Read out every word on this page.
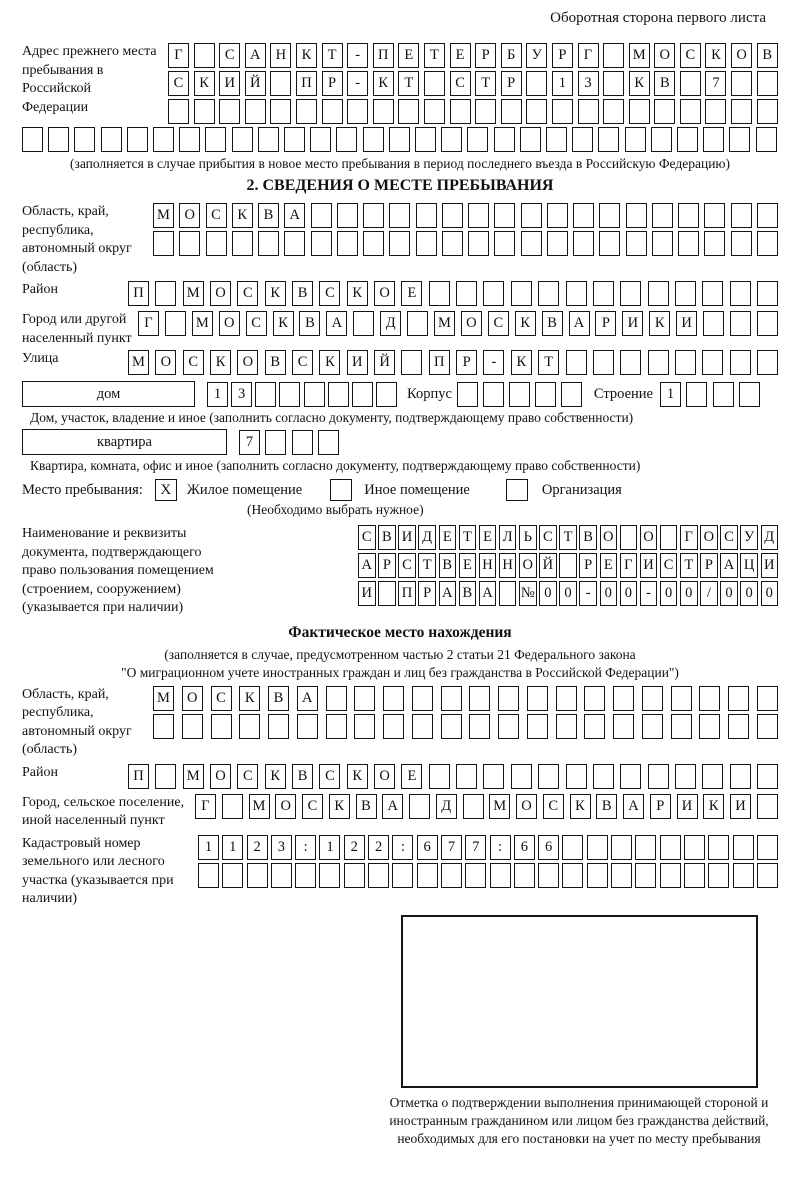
Оборотная сторона первого листа
Адрес прежнего места пребывания в Российской Федерации
Г	С	А	Н	К	Т	-	П	Е	Т	Е	Р	Б	У	Р	Г	М О	С	К	О	В
С	К	И	Й	П	Р	-	К	Т	С	Т	Р	1	3	К	В	7
(заполняется в случае прибытия в новое место пребывания в период последнего въезда в Российскую Федерацию)
2. СВЕДЕНИЯ О МЕСТЕ ПРЕБЫВАНИЯ
Область, край, республика, автономный округ (область)
М	О	С	К	В	А
Район	П	М	О	С	К	В	С	К	О	Е
Город или другой населенный пункт
Г	М	О	С	К	В	А	Д	М	О	С	К	В	А	Р	И	К	И
Улица	М	О	С	К	О	В	С	К	И	Й	П	Р	-	К	Т
дом	1	3	Корпус	Строение 1
Дом, участок, владение и иное (заполнить согласно документу, подтверждающему право собственности)
квартира	7
Квартира, комната, офис и иное (заполнить согласно документу, подтверждающему право собственности)
Место пребывания:	X	Жилое помещение	Иное помещение	Организация
(Необходимо выбрать нужное)
Наименование и реквизиты документа, подтверждающего право пользования помещением (строением, сооружением) (указывается при наличии)
С В И Д Е Т Е Л Ь С Т В О О	Г О С У Д
А Р С Т В Е Н Н О Й	Р Е Г И С Т Р А Ц И
И П Р А В А № 0 0 - 0 0 - 0 0 / 0 0 0
Фактическое место нахождения
(заполняется в случае, предусмотренном частью 2 статьи 21 Федерального закона
"О миграционном учете иностранных граждан и лиц без гражданства в Российской Федерации")
Область, край, республика, автономный округ (область)
М	О	С	К	В	А
Район	П	М	О	С	К	В	С	К	О	Е
Город, сельское поселение, иной населенный пункт
Г	М	О	С	К	В	А	Д	М	О	С	К	В	А	Р	И	К	И
Кадастровый номер земельного или лесного участка (указывается при наличии)
1	1	2	3	:	1	2	2	:	6	7	7	:	6	6
Отметка о подтверждении выполнения принимающей стороной и иностранным гражданином или лицом без гражданства действий, необходимых для его постановки на учет по месту пребывания
